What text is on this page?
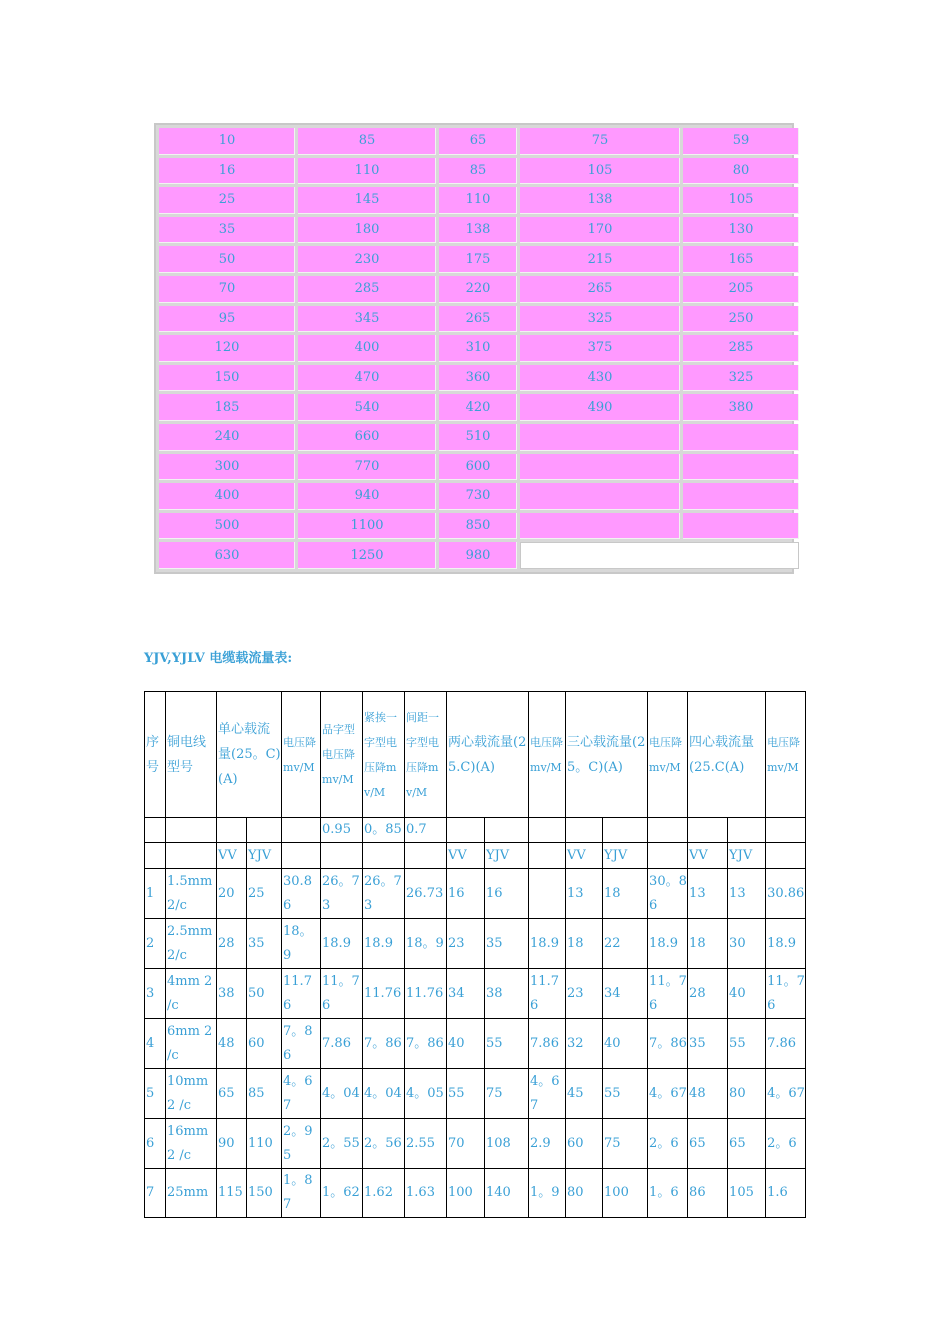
10	85	65	75	59
16	110	85	105	80
25	145	110	138	105
35	180	138	170	130
50	230	175	215	165
70	285	220	265	205
95	345	265	325	250
120	400	310	375	285
150	470	360	430	325
185	540	420	490	380
240	660	510		
300	770	600		
400	940	730		
500	1100	850		
630	1250	980		
YJV,YJLV 电缆载流量表:
序号	铜电线型号	单心载流量(25。C)(A)		电压降mv/M	品字型电压降mv/M	紧挨一字型电压降mv/M	间距一字型电压降mv/M	两心载流量(25.C)(A)		电压降mv/M	三心载流量(25。C)(A)		电压降mv/M	四心载流量(25.C(A)		电压降mv/M
					0.95	0。85	0.7									
		VV	YJV					VV	YJV		VV	YJV		VV	YJV	
1	1.5mm 2/c	20	25	30.86	26。73	26。73	26.73	16	16		13	18	30。86	13	13	30.86
2	2.5mm 2/c	28	35	18。9	18.9	18.9	18。9	23	35	18.9	18	22	18.9	18	30	18.9
3	4mm 2 /c	38	50	11.76	11。76	11.76	11.76	34	38	11.76	23	34	11。76	28	40	11。76
4	6mm 2 /c	48	60	7。86	7.86	7。86	7。86	40	55	7.86	32	40	7。86	35	55	7.86
5	10mm 2 /c	65	85	4。67	4。04	4。04	4。05	55	75	4。67	45	55	4。67	48	80	4。67
6	16mm 2 /c	90	110	2。95	2。55	2。56	2.55	70	108	2.9	60	75	2。6	65	65	2。6
7	25mm	115	150	1。87	1。62	1.62	1.63	100	140	1。9	80	100	1。6	86	105	1.6
